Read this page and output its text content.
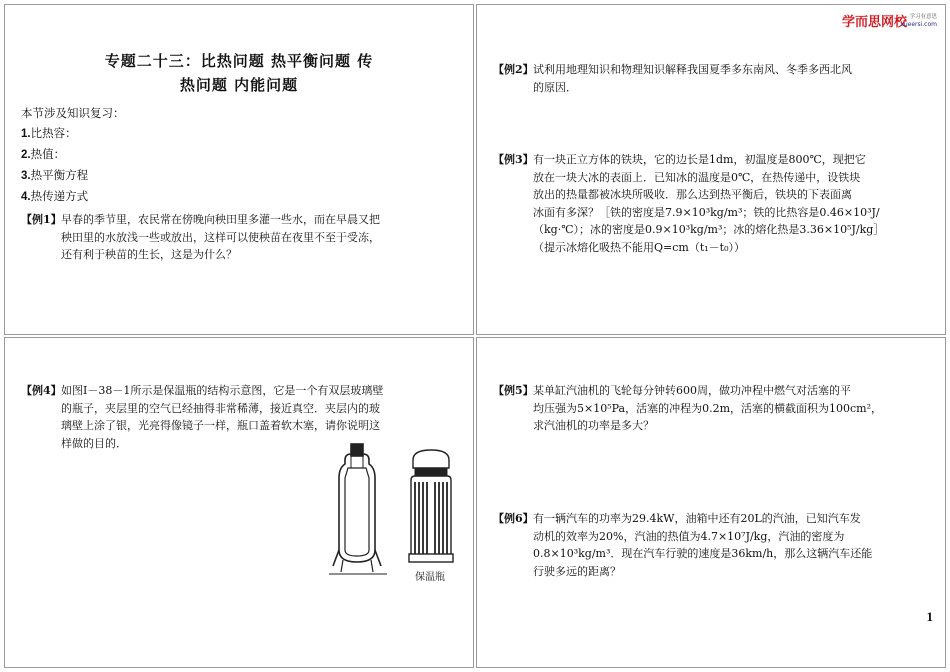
专题二十三：比热问题 热平衡问题 传
热问题 内能问题
本节涉及知识复习：
1.比热容：
2.热值：
3.热平衡方程
4.热传递方式
【例1】 早春的季节里，农民常在傍晚向秧田里多灌一些水，而在早晨又把
秧田里的水放浅一些或放出，这样可以使秧苗在夜里不至于受冻，
还有利于秧苗的生长，这是为什么？
学而思网校 学习有意思
xueersi.com
【例2】 试利用地理知识和物理知识解释我国夏季多东南风、冬季多西北风
的原因．
【例3】 有一块正立方体的铁块，它的边长是1dm，初温度是800℃，现把它
放在一块大冰的表面上．已知冰的温度是0℃，在热传递中，设铁块
放出的热量都被冰块所吸收．那么达到热平衡后，铁块的下表面离
冰面有多深？［铁的密度是7.9×10³kg/m³；铁的比热容是0.46×10³J/
（kg·℃）；冰的密度是0.9×10³kg/m³；冰的熔化热是3.36×10⁵J/kg］
（提示冰熔化吸热不能用Q=cm（t₁－t₀））
【例4】 如图Ⅰ－38－1所示是保温瓶的结构示意图，它是一个有双层玻璃壁
的瓶子，夹层里的空气已经抽得非常稀薄，接近真空．夹层内的玻
璃壁上涂了银，光亮得像镜子一样，瓶口盖着软木塞，请你说明这
样做的目的．
保温瓶
【例5】 某单缸汽油机的飞轮每分钟转600周，做功冲程中燃气对活塞的平
均压强为5×10⁵Pa，活塞的冲程为0.2m，活塞的横截面积为100cm²，
求汽油机的功率是多大？
【例6】 有一辆汽车的功率为29.4kW，油箱中还有20L的汽油，已知汽车发
动机的效率为20%，汽油的热值为4.7×10⁷J/kg，汽油的密度为
0.8×10³kg/m³．现在汽车行驶的速度是36km/h，那么这辆汽车还能
行驶多远的距离？
1
